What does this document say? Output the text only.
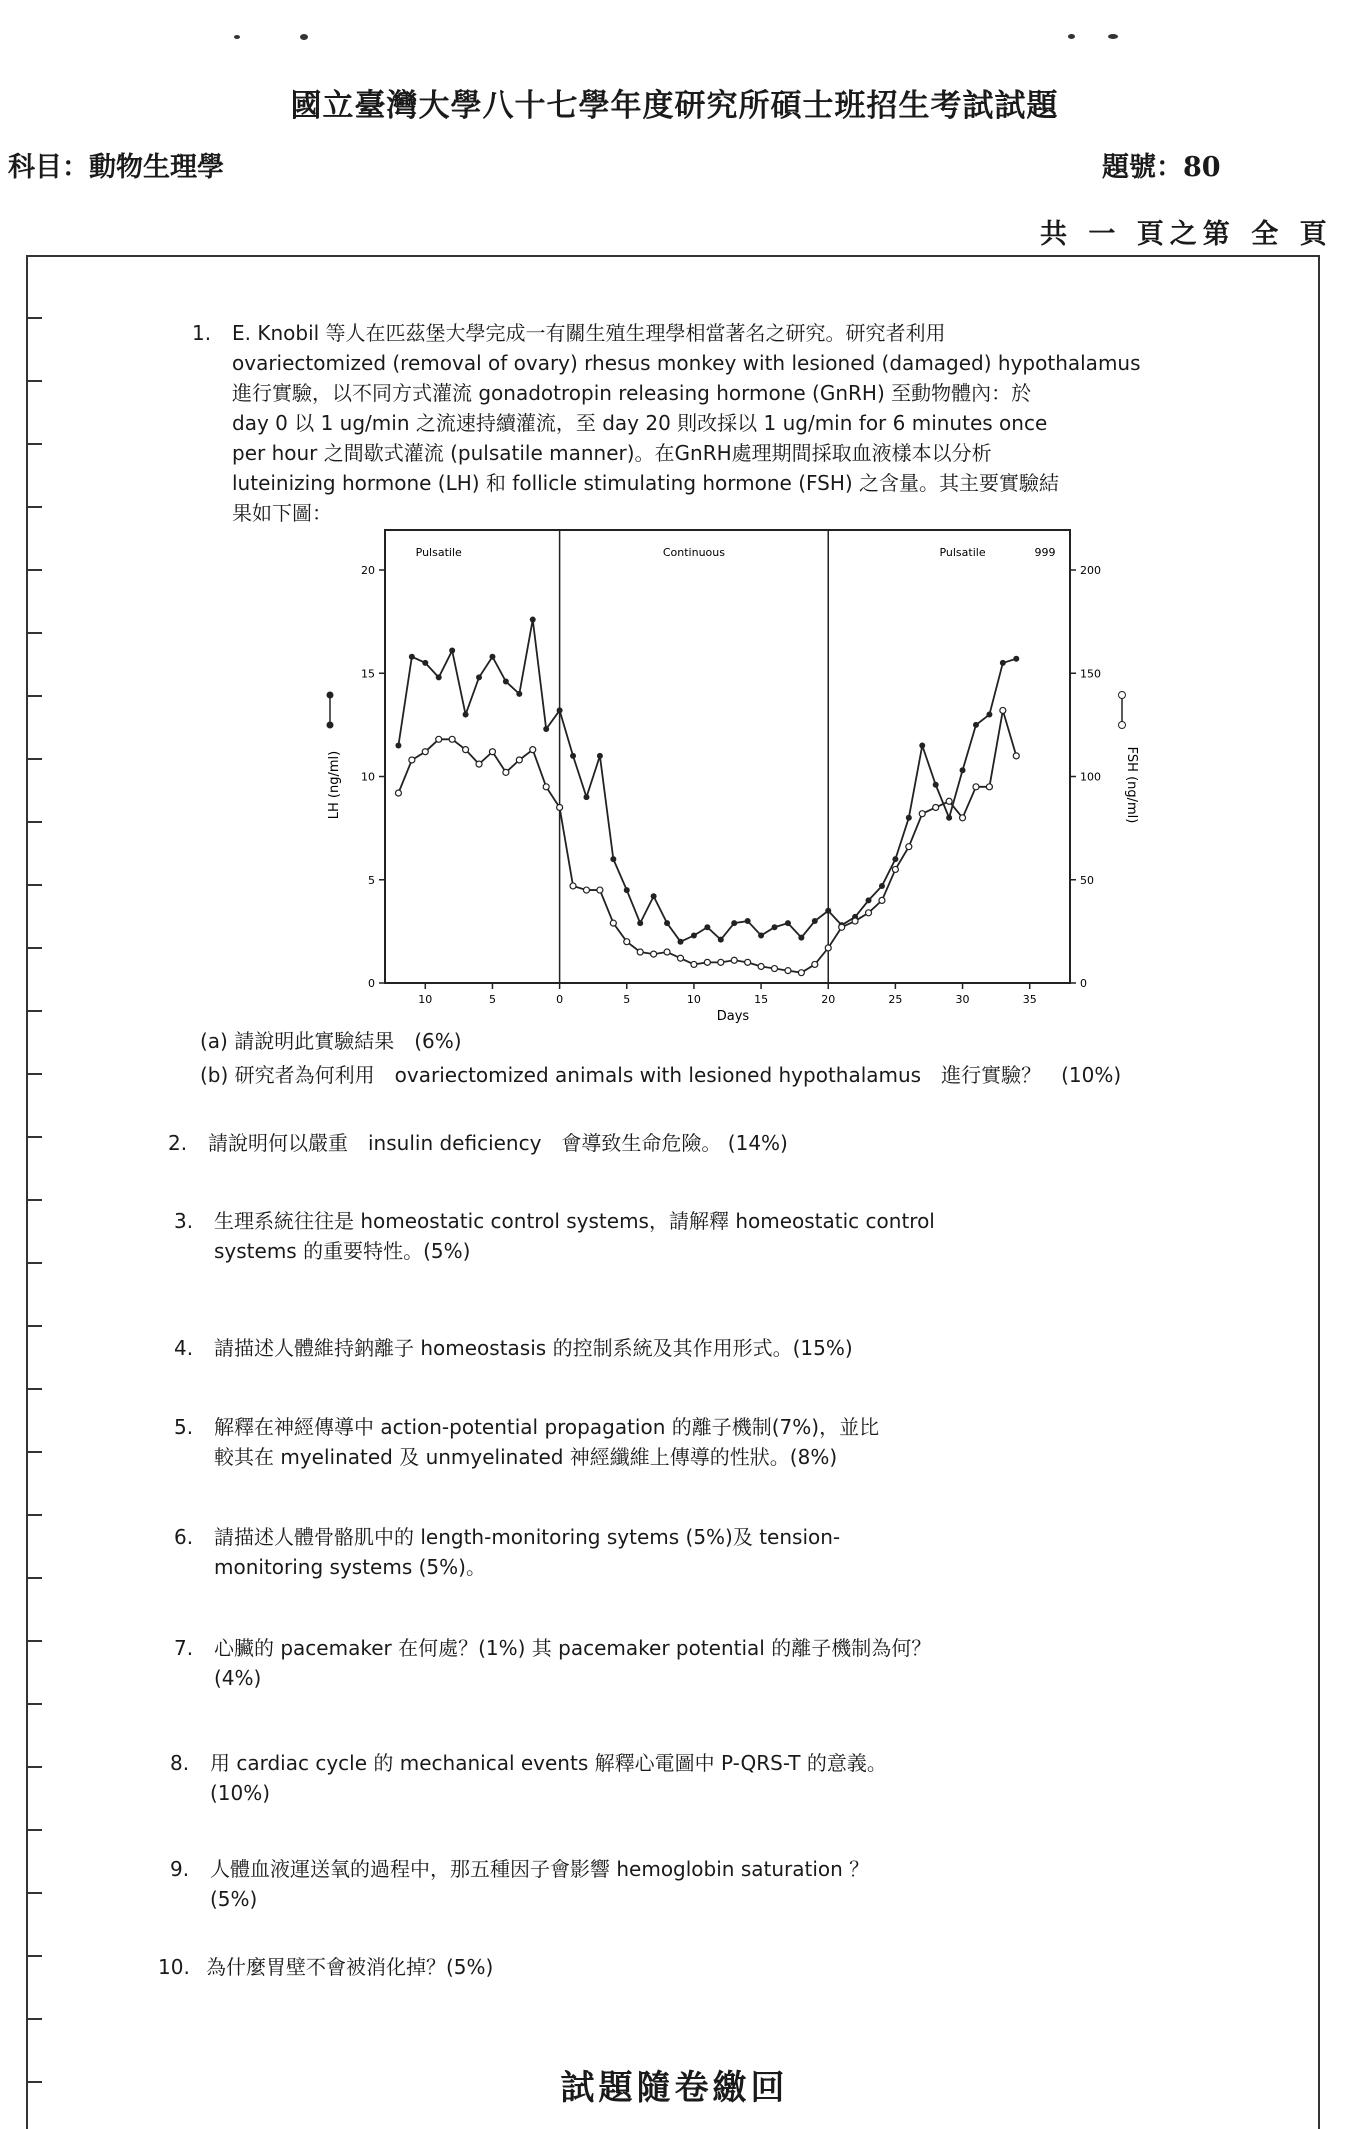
國立臺灣大學八十七學年度研究所碩士班招生考試試題
科目：動物生理學	題號：80
共 一 頁之第 全 頁
1. E. Knobil 等人在匹茲堡大學完成一有關生殖生理學相當著名之研究。研究者利用
ovariectomized (removal of ovary) rhesus monkey with lesioned (damaged) hypothalamus
進行實驗，以不同方式灌流 gonadotropin releasing hormone (GnRH) 至動物體內：於
day 0 以 1 ug/min 之流速持續灌流，至 day 20 則改採以 1 ug/min for 6 minutes once
per hour 之間歇式灌流 (pulsatile manner)。在GnRH處理期間採取血液樣本以分析
luteinizing hormone (LH) 和 follicle stimulating hormone (FSH) 之含量。其主要實驗結
果如下圖：
Pulsatile	Continuous	Pulsatile
10	5	0	5	10	15	20	25	30	35
0
5
10
15
20
0
50
100
150
200
Days
LH (ng/ml)	FSH (ng/ml)
999
(a) 請說明此實驗結果　(6%)
(b) 研究者為何利用　ovariectomized animals with lesioned hypothalamus　進行實驗？　(10%)
2. 請說明何以嚴重　insulin deficiency　會導致生命危險。 (14%)
3. 生理系統往往是 homeostatic control systems，請解釋 homeostatic control
systems 的重要特性。(5%)
4. 請描述人體維持鈉離子 homeostasis 的控制系統及其作用形式。(15%)
5. 解釋在神經傳導中 action-potential propagation 的離子機制(7%)，並比
較其在 myelinated 及 unmyelinated 神經纖維上傳導的性狀。(8%)
6. 請描述人體骨骼肌中的 length-monitoring sytems (5%)及 tension-
monitoring systems (5%)。
7. 心臟的 pacemaker 在何處？(1%) 其 pacemaker potential 的離子機制為何？
(4%)
8. 用 cardiac cycle 的 mechanical events 解釋心電圖中 P-QRS-T 的意義。
(10%)
9. 人體血液運送氧的過程中，那五種因子會影響 hemoglobin saturation ？
(5%)
10. 為什麼胃壁不會被消化掉？(5%)
試題隨卷繳回
